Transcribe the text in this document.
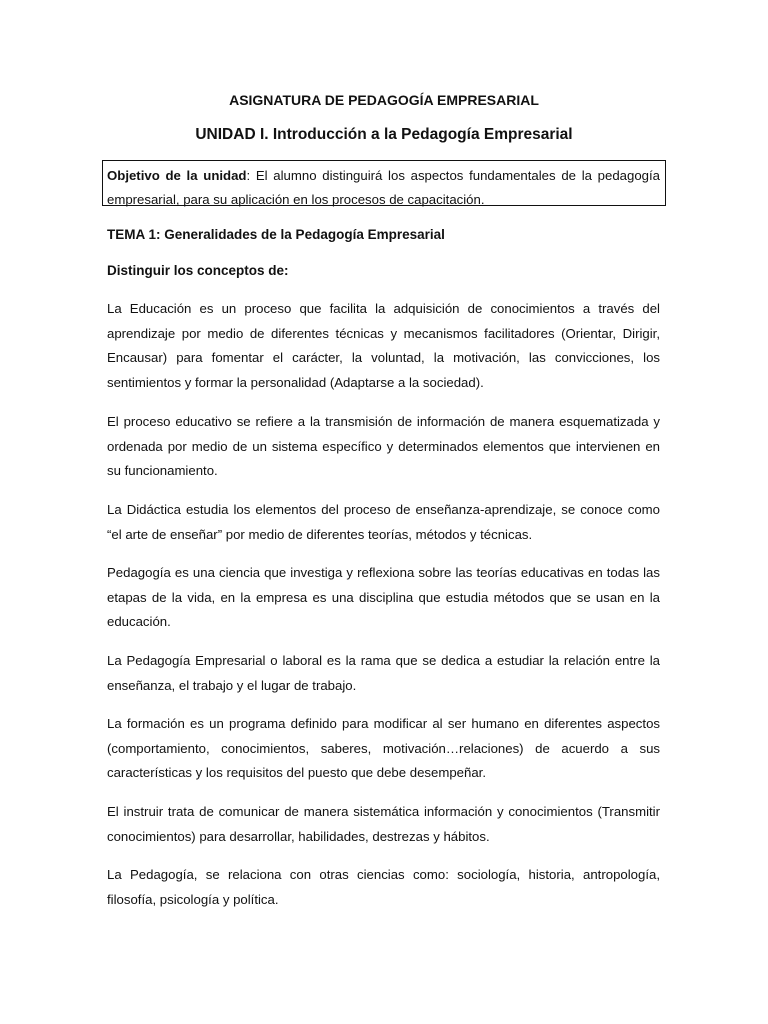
ASIGNATURA DE PEDAGOGÍA EMPRESARIAL
UNIDAD I. Introducción a la Pedagogía Empresarial
Objetivo de la unidad: El alumno distinguirá los aspectos fundamentales de la pedagogía empresarial, para su aplicación en los procesos de capacitación.
TEMA 1: Generalidades de la Pedagogía Empresarial
Distinguir los conceptos de:

La Educación es un proceso que facilita la adquisición de conocimientos a través del aprendizaje por medio de diferentes técnicas y mecanismos facilitadores (Orientar, Dirigir, Encausar) para fomentar el carácter, la voluntad, la motivación, las convicciones, los sentimientos y formar la personalidad (Adaptarse a la sociedad).

El proceso educativo se refiere a la transmisión de información de manera esquematizada y ordenada por medio de un sistema específico y determinados elementos que intervienen en su funcionamiento.

La Didáctica estudia los elementos del proceso de enseñanza-aprendizaje, se conoce como “el arte de enseñar” por medio de diferentes teorías, métodos y técnicas.

Pedagogía es una ciencia que investiga y reflexiona sobre las teorías educativas en todas las etapas de la vida, en la empresa es una disciplina que estudia métodos que se usan en la educación.

La Pedagogía Empresarial o laboral es la rama que se dedica a estudiar la relación entre la enseñanza, el trabajo y el lugar de trabajo.

La formación es un programa definido para modificar al ser humano en diferentes aspectos (comportamiento, conocimientos, saberes, motivación…relaciones) de acuerdo a sus características y los requisitos del puesto que debe desempeñar.

El instruir trata de comunicar de manera sistemática información y conocimientos (Transmitir conocimientos) para desarrollar, habilidades, destrezas y hábitos.

La Pedagogía, se relaciona con otras ciencias como: sociología, historia, antropología, filosofía, psicología y política.
